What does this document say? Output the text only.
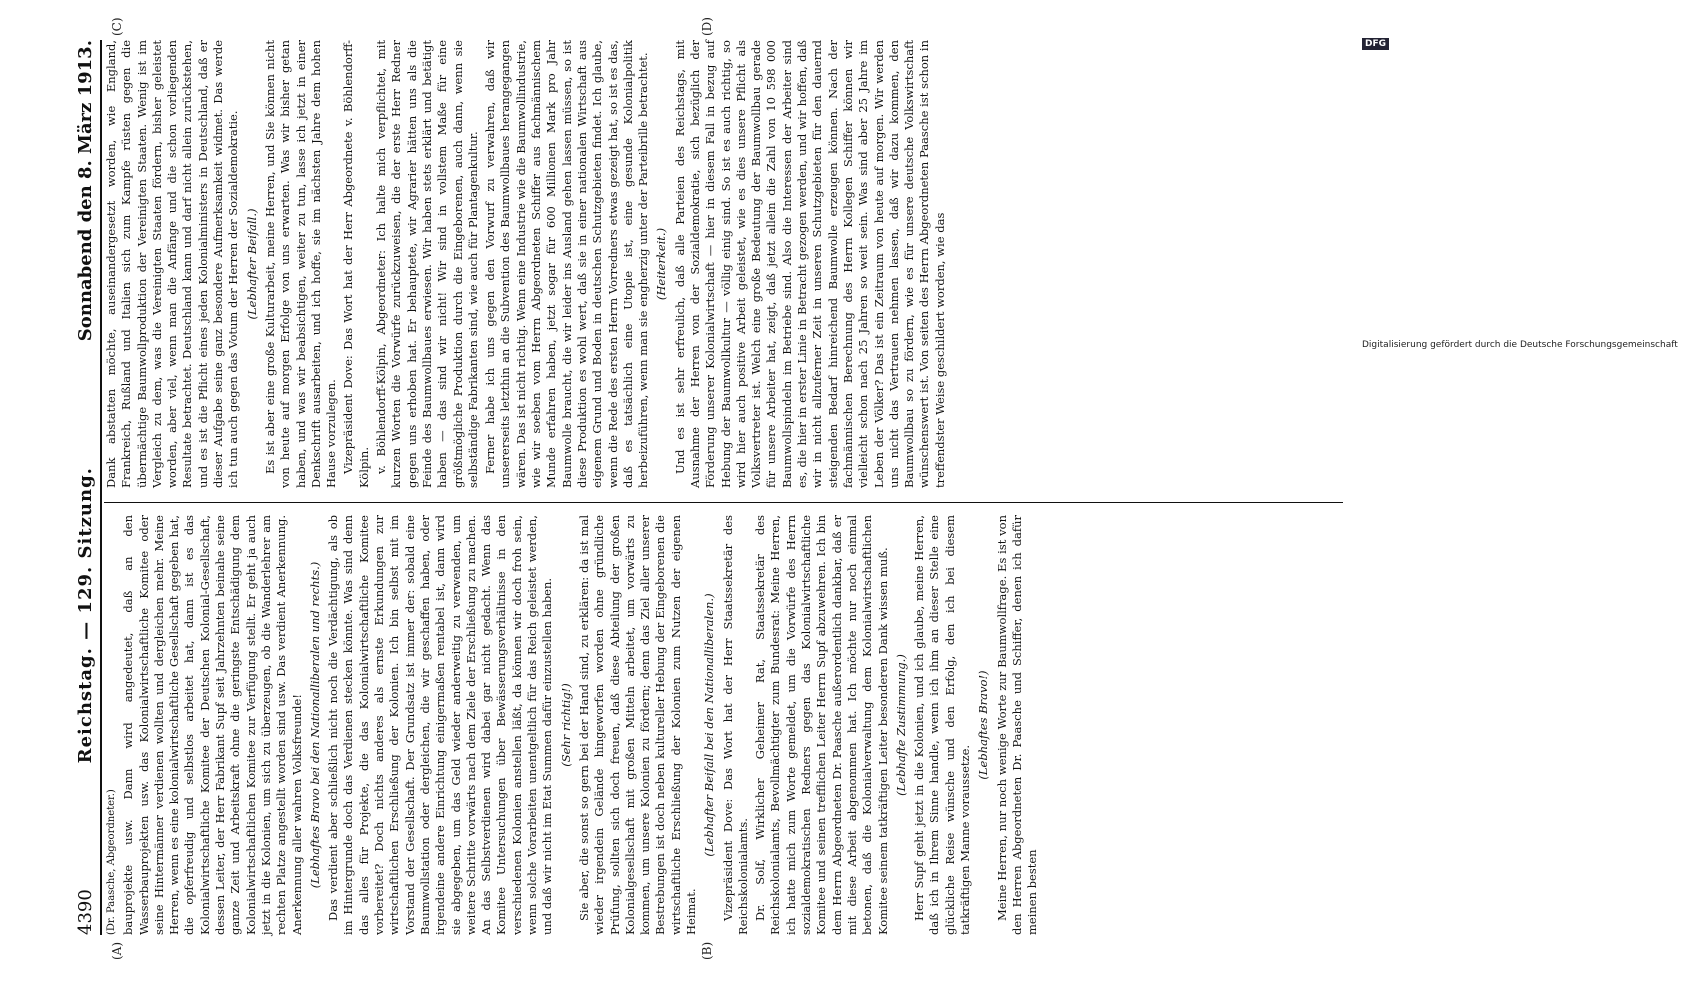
4390
Reichstag. — 129. Sitzung.
Sonnabend den 8. März 1913.
(A)	(B)
(C)	(D)

(Dr. Paasche, Abgeordneter.) bauprojekte usw. Dann wird angedeutet, daß an den Wasserbauprojekten usw. das Kolonialwirtschaftliche Komitee oder seine Hintermänner verdienen wollten und dergleichen mehr. Meine Herren, wenn es eine kolonialwirtschaftliche Gesellschaft gegeben hat, die opferfreudig und selbstlos arbeitet hat, dann ist es das Kolonialwirtschaftliche Komitee der Deutschen Kolonial-Gesellschaft, dessen Leiter, der Herr Fabrikant Supf seit Jahrzehnten beinahe seine ganze Zeit und Arbeitskraft ohne die geringste Entschädigung dem Kolonialwirtschaftlichen Komitee zur Verfügung stellt. Er geht ja auch jetzt in die Kolonien, um sich zu überzeugen, ob die Wanderlehrer am rechten Platze angestellt worden sind usw. Das verdient Anerkennung. Anerkennung aller wahren Volksfreunde! (Lebhaftes Bravo bei den Nationalliberalen und rechts.) Das verdient aber schließlich nicht noch die Verdächtigung, als ob im Hintergrunde doch das Verdienen stecken könnte. Was sind denn das alles für Projekte, die das Kolonialwirtschaftliche Komitee vorbereitet? Doch nichts anderes als ernste Erkundungen zur wirtschaftlichen Erschließung der Kolonien. Ich bin selbst mit im Vorstand der Gesellschaft. Der Grundsatz ist immer der: sobald eine Baumwollstation oder dergleichen, die wir geschaffen haben, oder irgendeine andere Einrichtung einigermaßen rentabel ist, dann wird sie abgegeben, um das Geld wieder anderweitig zu verwenden, um weitere Schritte vorwärts nach dem Ziele der Erschließung zu machen. An das Selbstverdienen wird dabei gar nicht gedacht. Wenn das Komitee Untersuchungen über Bewässerungsverhältnisse in den verschiedenen Kolonien anstellen läßt, da können wir doch froh sein, wenn solche Vorarbeiten unentgeltlich für das Reich geleistet werden, und daß wir nicht im Etat Summen dafür einzustellen haben. (Sehr richtig!) Sie aber, die sonst so gern bei der Hand sind, zu erklären: da ist mal wieder irgendein Gelände hingeworfen worden ohne gründliche Prüfung, sollten sich doch freuen, daß diese Abteilung der großen Kolonialgesellschaft mit großen Mitteln arbeitet, um vorwärts zu kommen, um unsere Kolonien zu fördern; denn das Ziel aller unserer Bestrebungen ist doch neben kultureller Hebung der Eingeborenen die wirtschaftliche Erschließung der Kolonien zum Nutzen der eigenen Heimat.

(Lebhafter Beifall bei den Nationalliberalen.) Vizepräsident Dove: Das Wort hat der Herr Staatssekretär des Reichskolonialamts. Dr. Solf, Wirklicher Geheimer Rat, Staatssekretär des Reichskolonialamts, Bevollmächtigter zum Bundesrat: Meine Herren, ich hatte mich zum Worte gemeldet, um die Vorwürfe des Herrn sozialdemokratischen Redners gegen das Kolonialwirtschaftliche Komitee und seinen trefflichen Leiter Herrn Supf abzuwehren. Ich bin dem Herrn Abgeordneten Dr. Paasche außerordentlich dankbar, daß er mit diese Arbeit abgenommen hat. Ich möchte nur noch einmal betonen, daß die Kolonialverwaltung dem Kolonialwirtschaftlichen Komitee seinem tatkräftigen Leiter besonderen Dank wissen muß. (Lebhafte Zustimmung.) Herr Supf geht jetzt in die Kolonien, und ich glaube, meine Herren, daß ich in Ihrem Sinne handle, wenn ich ihm an dieser Stelle eine glückliche Reise wünsche und den Erfolg, den ich bei diesem tatkräftigen Manne voraussetze.

(Lebhaftes Bravo!) Meine Herren, nur noch wenige Worte zur Baumwollfrage. Es ist von den Herren Abgeordneten Dr. Paasche und Schiffer, denen ich dafür meinen besten

Dank abstatten möchte, auseinandergesetzt worden, wie England, Frankreich, Rußland und Italien sich zum Kampfe rüsten gegen die übermächtige Baumwollproduktion der Vereinigten Staaten. Wenig ist im Vergleich zu dem, was die Vereinigten Staaten fördern, bisher geleistet worden, aber viel, wenn man die Anfänge und die schon vorliegenden Resultate betrachtet. Deutschland kann und darf nicht allein zurückstehen, und es ist die Pflicht eines jeden Kolonialministers in Deutschland, daß er dieser Aufgabe seine ganz besondere Aufmerksamkeit widmet. Das werde ich tun auch gegen das Votum der Herren der Sozialdemokratie. (Lebhafter Beifall.) Es ist aber eine große Kulturarbeit, meine Herren, und Sie können nicht von heute auf morgen Erfolge von uns erwarten. Was wir bisher getan haben, und was wir beabsichtigen, weiter zu tun, lasse ich jetzt in einer Denkschrift ausarbeiten, und ich hoffe, sie im nächsten Jahre dem hohen Hause vorzulegen. Vizepräsident Dove: Das Wort hat der Herr Abgeordnete v. Böhlendorff-Kölpin. v. Böhlendorff-Kölpin, Abgeordneter: Ich halte mich verpflichtet, mit kurzen Worten die Vorwürfe zurückzuweisen, die der erste Herr Redner gegen uns erhoben hat. Er behauptete, wir Agrarier hätten uns als die Feinde des Baumwollbaues erwiesen. Wir haben stets erklärt und betätigt haben — das sind wir nicht! Wir sind in vollstem Maße für eine größtmögliche Produktion durch die Eingeborenen, auch dann, wenn sie selbständige Fabrikanten sind, wie auch für Plantagenkultur. Ferner habe ich uns gegen den Vorwurf zu verwahren, daß wir unsererseits letzthin an die Subvention des Baumwollbaues herangegangen wären. Das ist nicht richtig. Wenn eine Industrie wie die Baumwollindustrie, wie wir soeben vom Herrn Abgeordneten Schiffer aus fachmännischem Munde erfahren haben, jetzt sogar für 600 Millionen Mark pro Jahr Baumwolle braucht, die wir leider ins Ausland gehen lassen müssen, so ist diese Produktion es wohl wert, daß sie in einer nationalen Wirtschaft aus eigenem Grund und Boden in deutschen Schutzgebieten findet. Ich glaube, wenn die Rede des ersten Herrn Vorredners etwas gezeigt hat, so ist es das, daß es tatsächlich eine Utopie ist, eine gesunde Kolonialpolitik herbeizuführen, wenn man sie engherzig unter der Parteibrille betrachtet. (Heiterkeit.) Und es ist sehr erfreulich, daß alle Parteien des Reichstags, mit Ausnahme der Herren von der Sozialdemokratie, sich bezüglich der Förderung unserer Kolonialwirtschaft — hier in diesem Fall in bezug auf Hebung der Baumwollkultur — völlig einig sind. So ist es auch richtig, so wird hier auch positive Arbeit geleistet, wie es dies unsere Pflicht als Volksvertreter ist. Welch eine große Bedeutung der Baumwollbau gerade für unsere Arbeiter hat, zeigt, daß jetzt allein die Zahl von 10 598 000 Baumwollspindeln im Betriebe sind. Also die Interessen der Arbeiter sind es, die hier in erster Linie in Betracht gezogen werden, und wir hoffen, daß wir in nicht allzuferner Zeit in unseren Schutzgebieten für den dauernd steigenden Bedarf hinreichend Baumwolle erzeugen können. Nach der fachmännischen Berechnung des Herrn Kollegen Schiffer können wir vielleicht schon nach 25 Jahren so weit sein. Was sind aber 25 Jahre im Leben der Völker? Das ist ein Zeitraum von heute auf morgen. Wir werden uns nicht das Vertrauen nehmen lassen, daß wir dazu kommen, den Baumwollbau so zu fördern, wie es für unsere deutsche Volkswirtschaft wünschenswert ist. Von seiten des Herrn Abgeordneten Paasche ist schon in treffendster Weise geschildert worden, wie das	Digitalisierung gefördert durch die Deutsche Forschungsgemeinschaft
DFG
